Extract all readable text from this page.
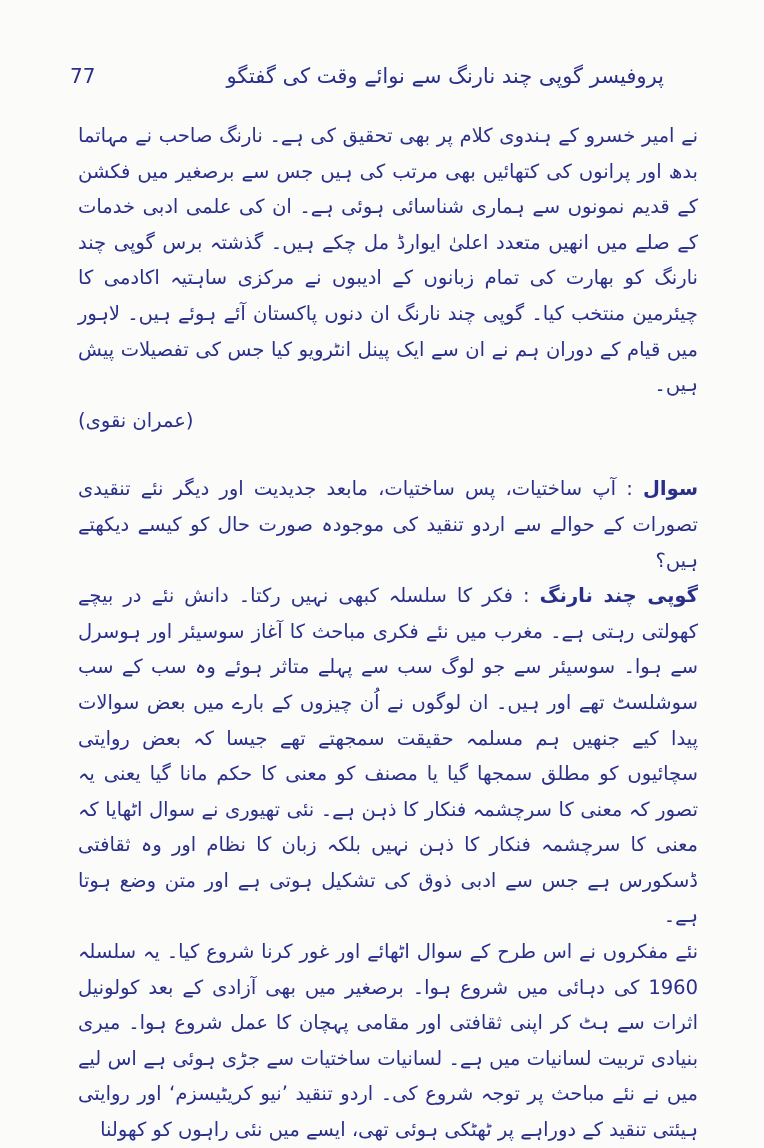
77	پروفیسر گوپی چند نارنگ سے نوائے وقت کی گفتگو

نے امیر خسرو کے ہندوی کلام پر بھی تحقیق کی ہے۔ نارنگ صاحب نے مہاتما بدھ اور پرانوں کی کتھائیں بھی مرتب کی ہیں جس سے برصغیر میں فکشن کے قدیم نمونوں سے ہماری شناسائی ہوئی ہے۔ ان کی علمی ادبی خدمات کے صلے میں انھیں متعدد اعلیٰ ایوارڈ مل چکے ہیں۔ گذشتہ برس گوپی چند نارنگ کو بھارت کی تمام زبانوں کے ادیبوں نے مرکزی ساہتیہ اکادمی کا چیئرمین منتخب کیا۔ گوپی چند نارنگ ان دنوں پاکستان آئے ہوئے ہیں۔ لاہور میں قیام کے دوران ہم نے ان سے ایک پینل انٹرویو کیا جس کی تفصیلات پیش ہیں۔

(عمران نقوی)

سوال : آپ ساختیات، پس ساختیات، مابعد جدیدیت اور دیگر نئے تنقیدی تصورات کے حوالے سے اردو تنقید کی موجودہ صورت حال کو کیسے دیکھتے ہیں؟

گوپی چند نارنگ : فکر کا سلسلہ کبھی نہیں رکتا۔ دانش نئے در بیچے کھولتی رہتی ہے۔ مغرب میں نئے فکری مباحث کا آغاز سوسیئر اور ہوسرل سے ہوا۔ سوسیئر سے جو لوگ سب سے پہلے متاثر ہوئے وہ سب کے سب سوشلسٹ تھے اور ہیں۔ ان لوگوں نے اُن چیزوں کے بارے میں بعض سوالات پیدا کیے جنھیں ہم مسلمہ حقیقت سمجھتے تھے جیسا کہ بعض روایتی سچائیوں کو مطلق سمجھا گیا یا مصنف کو معنی کا حکم مانا گیا یعنی یہ تصور کہ معنی کا سرچشمہ فنکار کا ذہن ہے۔ نئی تھیوری نے سوال اٹھایا کہ معنی کا سرچشمہ فنکار کا ذہن نہیں بلکہ زبان کا نظام اور وہ ثقافتی ڈسکورس ہے جس سے ادبی ذوق کی تشکیل ہوتی ہے اور متن وضع ہوتا ہے۔

نئے مفکروں نے اس طرح کے سوال اٹھائے اور غور کرنا شروع کیا۔ یہ سلسلہ 1960 کی دہائی میں شروع ہوا۔ برصغیر میں بھی آزادی کے بعد کولونیل اثرات سے ہٹ کر اپنی ثقافتی اور مقامی پہچان کا عمل شروع ہوا۔ میری بنیادی تربیت لسانیات میں ہے۔ لسانیات ساختیات سے جڑی ہوئی ہے اس لیے میں نے نئے مباحث پر توجہ شروع کی۔ اردو تنقید ’نیو کریٹیسزم‘ اور روایتی ہیئتی تنقید کے دوراہے پر ٹھٹکی ہوئی تھی، ایسے میں نئی راہوں کو کھولنا
